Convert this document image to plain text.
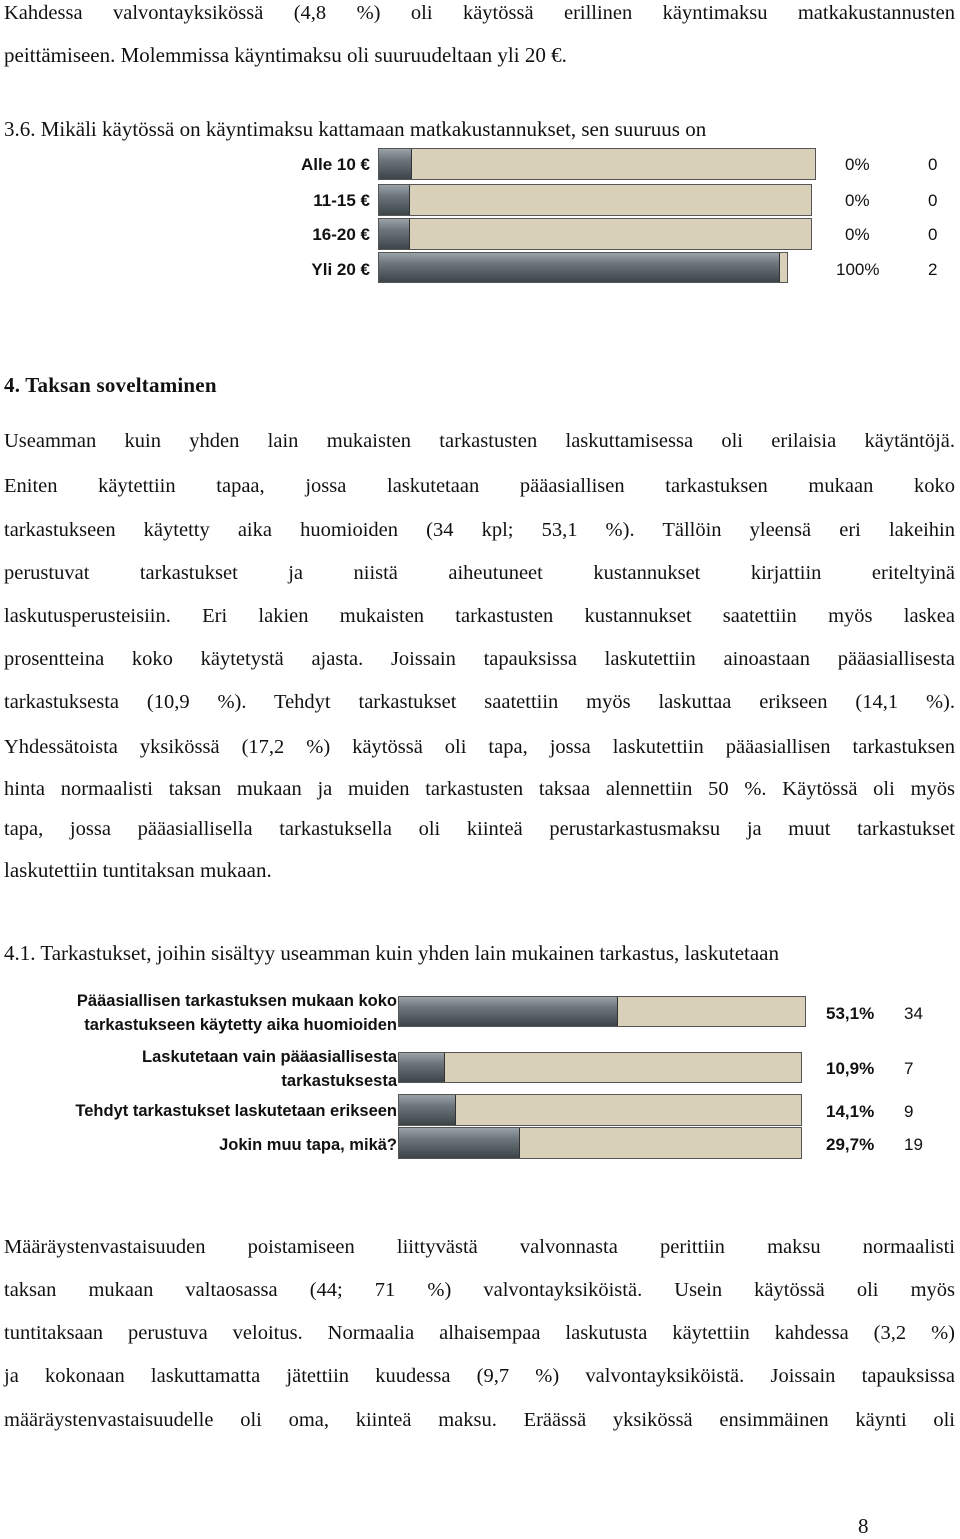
Kahdessa valvontayksikössä (4,8 %) oli käytössä erillinen käyntimaksu matkakustannusten
peittämiseen. Molemmissa käyntimaksu oli suuruudeltaan yli 20 €.
3.6. Mikäli käytössä on käyntimaksu kattamaan matkakustannukset, sen suuruus on
Alle 10 €	0%	0
11-15 €	0%	0
16-20 €	0%	0
Yli 20 €	100%	2
4. Taksan soveltaminen
Useamman kuin yhden lain mukaisten tarkastusten laskuttamisessa oli erilaisia käytäntöjä.
Eniten käytettiin tapaa, jossa laskutetaan pääasiallisen tarkastuksen mukaan koko
tarkastukseen käytetty aika huomioiden (34 kpl; 53,1 %). Tällöin yleensä eri lakeihin
perustuvat tarkastukset ja niistä aiheutuneet kustannukset kirjattiin eriteltyinä
laskutusperusteisiin. Eri lakien mukaisten tarkastusten kustannukset saatettiin myös laskea
prosentteina koko käytetystä ajasta. Joissain tapauksissa laskutettiin ainoastaan pääasiallisesta
tarkastuksesta (10,9 %). Tehdyt tarkastukset saatettiin myös laskuttaa erikseen (14,1 %).
Yhdessätoista yksikössä (17,2 %) käytössä oli tapa, jossa laskutettiin pääasiallisen tarkastuksen
hinta normaalisti taksan mukaan ja muiden tarkastusten taksaa alennettiin 50 %. Käytössä oli myös
tapa, jossa pääasiallisella tarkastuksella oli kiinteä perustarkastusmaksu ja muut tarkastukset
laskutettiin tuntitaksan mukaan.
4.1. Tarkastukset, joihin sisältyy useamman kuin yhden lain mukainen tarkastus, laskutetaan
Pääasiallisen tarkastuksen mukaan koko
tarkastukseen käytetty aika huomioiden
53,1% 34
Laskutetaan vain pääasiallisesta
tarkastuksesta
10,9% 7
Tehdyt tarkastukset laskutetaan erikseen	14,1% 9
Jokin muu tapa, mikä?	29,7% 19
Määräystenvastaisuuden poistamiseen liittyvästä valvonnasta perittiin maksu normaalisti
taksan mukaan valtaosassa (44; 71 %) valvontayksiköistä. Usein käytössä oli myös
tuntitaksaan perustuva veloitus. Normaalia alhaisempaa laskutusta käytettiin kahdessa (3,2 %)
ja kokonaan laskuttamatta jätettiin kuudessa (9,7 %) valvontayksiköistä. Joissain tapauksissa
määräystenvastaisuudelle oli oma, kiinteä maksu. Eräässä yksikössä ensimmäinen käynti oli
8
